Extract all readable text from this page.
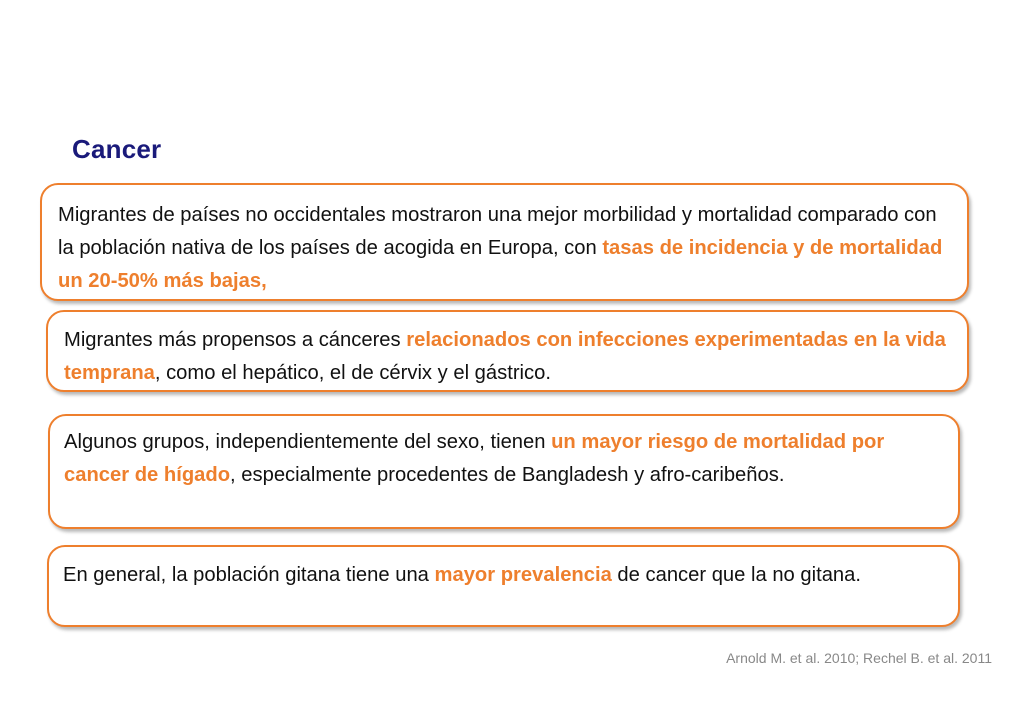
Cancer

Migrantes de países no occidentales mostraron una mejor morbilidad y mortalidad comparado con la población nativa de los países de acogida en Europa, con tasas de incidencia y de mortalidad un 20-50% más bajas,

Migrantes más propensos a cánceres relacionados con infecciones experimentadas en la vida temprana, como el hepático, el de cérvix y el gástrico.

Algunos grupos, independientemente del sexo, tienen un mayor riesgo de mortalidad por cancer de hígado, especialmente procedentes de Bangladesh y afro-caribeños.

En general, la población gitana tiene una mayor prevalencia de cancer que la no gitana.

Arnold M. et al. 2010; Rechel B. et al. 2011
